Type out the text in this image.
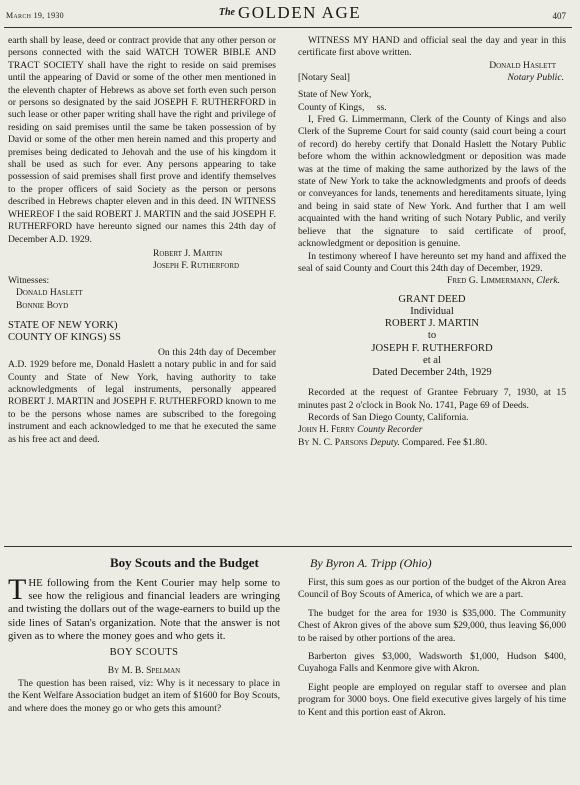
March 19, 1930	The GOLDEN AGE	407

earth shall by lease, deed or contract provide that any other person or persons connected with the said WATCH TOWER BIBLE AND TRACT SOCIETY shall have the right to reside on said premises until the appearing of David or some of the other men mentioned in the eleventh chapter of Hebrews as above set forth even such person or persons so designated by the said JOSEPH F. RUTHERFORD in such lease or other paper writing shall have the right and privilege of residing on said premises until the same be taken possession of by David or some of the other men herein named and this property and premises being dedicated to Jehovah and the use of his kingdom it shall be used as such for ever. Any persons appearing to take possession of said premises shall first prove and identify themselves to the proper officers of said Society as the person or persons described in Hebrews chapter eleven and in this deed. IN WITNESS WHEREOF I the said ROBERT J. MARTIN and the said JOSEPH F. RUTHERFORD have hereunto signed our names this 24th day of December A.D. 1929.

Robert J. Martin
Joseph F. Rutherford
Witnesses:
Donald Haslett
Bonnie Boyd
STATE OF NEW YORK)
COUNTY OF KINGS) SS

On this 24th day of December A.D. 1929 before me, Donald Haslett a notary public in and for said County and State of New York, having authority to take acknowledgments of legal instruments, personally appeared ROBERT J. MARTIN and JOSEPH F. RUTHERFORD known to me to be the persons whose names are subscribed to the foregoing instrument and each acknowledged to me that he executed the same as his free act and deed.

WITNESS MY HAND and official seal the day and year in this certificate first above written.

Donald Haslett
[Notary Seal]	Notary Public.
State of New York,
County of Kings, ss.

I, Fred G. Limmermann, Clerk of the County of Kings and also Clerk of the Supreme Court for said county (said court being a court of record) do hereby certify that Donald Haslett the Notary Public before whom the within acknowledgment or deposition was made was at the time of making the same authorized by the laws of the state of New York to take the acknowledgments and proofs of deeds or conveyances for lands, tenements and hereditaments situate, lying and being in said state of New York. And further that I am well acquainted with the hand writing of such Notary Public, and verily believe that the signature to said certificate of proof, acknowledgment or deposition is genuine.

In testimony whereof I have hereunto set my hand and affixed the seal of said County and Court this 24th day of December, 1929.

Fred G. Limmermann, Clerk.
GRANT DEED
Individual
ROBERT J. MARTIN
to
JOSEPH F. RUTHERFORD
et al
Dated December 24th, 1929

Recorded at the request of Grantee February 7, 1930, at 15 minutes past 2 o'clock in Book No. 1741, Page 69 of Deeds.

Records of San Diego County, California.

John H. Ferry County Recorder
By N. C. Parsons Deputy. Compared. Fee $1.80.
Boy Scouts and the Budget	By Byron A. Tripp (Ohio)

THE following from the Kent Courier may help some to see how the religious and financial leaders are wringing and twisting the dollars out of the wage-earners to build up the side lines of Satan's organization. Note that the answer is not given as to where the money goes and who gets it.

BOY SCOUTS
By M. B. Spelman

The question has been raised, viz: Why is it necessary to place in the Kent Welfare Association budget an item of $1600 for Boy Scouts, and where does the money go or who gets this amount?

First, this sum goes as our portion of the budget of the Akron Area Council of Boy Scouts of America, of which we are a part.

The budget for the area for 1930 is $35,000. The Community Chest of Akron gives of the above sum $29,000, thus leaving $6,000 to be raised by other portions of the area.

Barberton gives $3,000, Wadsworth $1,000, Hudson $400, Cuyahoga Falls and Kenmore give with Akron.

Eight people are employed on regular staff to oversee and plan program for 3000 boys. One field executive gives largely of his time to Kent and this portion east of Akron.
